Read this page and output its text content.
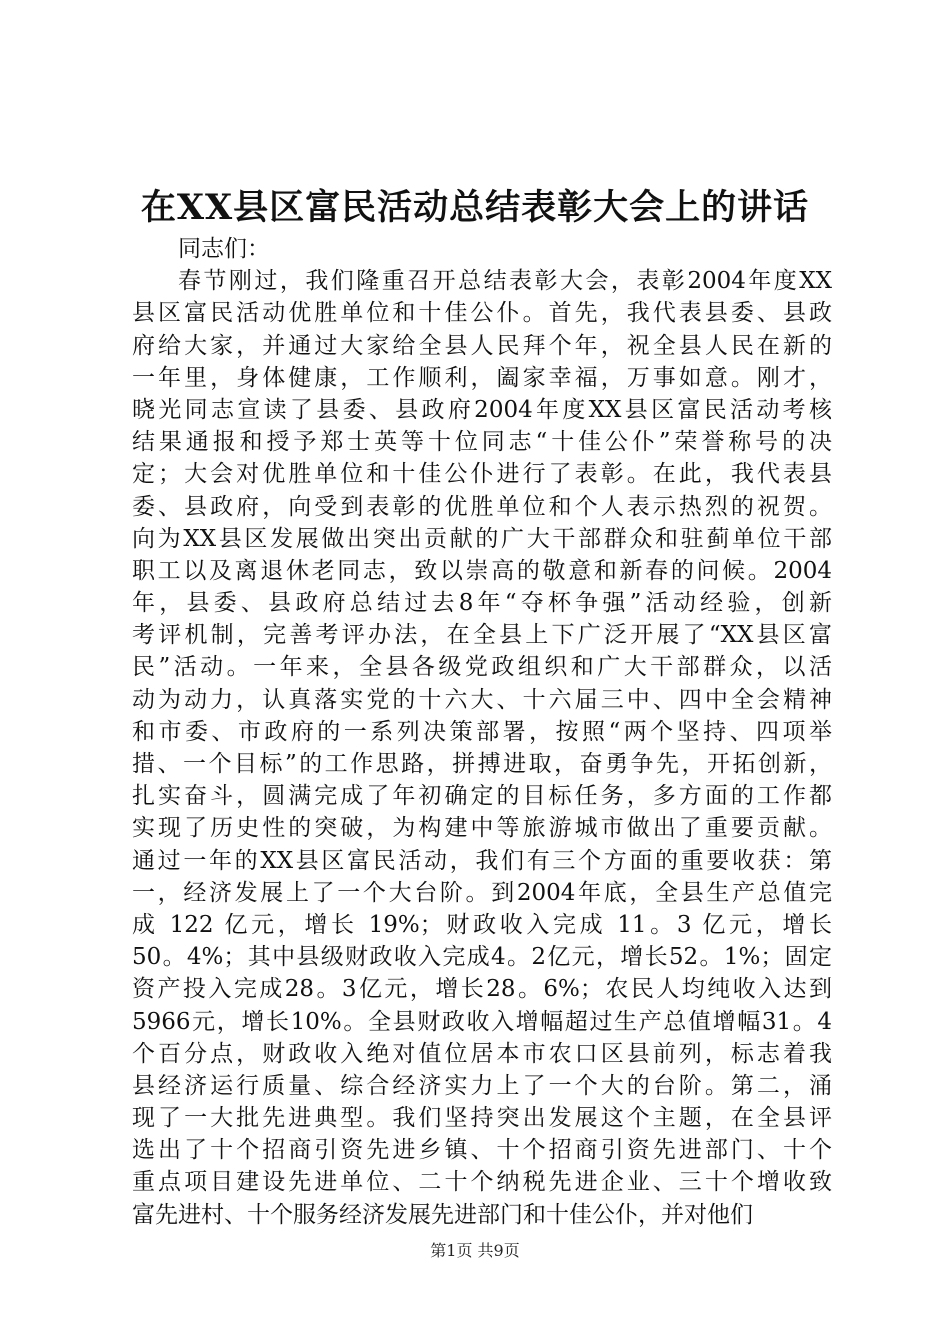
在XX县区富民活动总结表彰大会上的讲话
同志们：
春节刚过，我们隆重召开总结表彰大会，表彰2004年度XX
县区富民活动优胜单位和十佳公仆。首先，我代表县委、县政
府给大家，并通过大家给全县人民拜个年，祝全县人民在新的
一年里，身体健康，工作顺利，阖家幸福，万事如意。刚才，
晓光同志宣读了县委、县政府2004年度XX县区富民活动考核
结果通报和授予郑士英等十位同志“十佳公仆”荣誉称号的决
定；大会对优胜单位和十佳公仆进行了表彰。在此，我代表县
委、县政府，向受到表彰的优胜单位和个人表示热烈的祝贺。
向为XX县区发展做出突出贡献的广大干部群众和驻蓟单位干部
职工以及离退休老同志，致以崇高的敬意和新春的问候。2004
年，县委、县政府总结过去8年“夺杯争强”活动经验，创新
考评机制，完善考评办法，在全县上下广泛开展了“XX县区富
民”活动。一年来，全县各级党政组织和广大干部群众，以活
动为动力，认真落实党的十六大、十六届三中、四中全会精神
和市委、市政府的一系列决策部署，按照“两个坚持、四项举
措、一个目标”的工作思路，拼搏进取，奋勇争先，开拓创新，
扎实奋斗，圆满完成了年初确定的目标任务，多方面的工作都
实现了历史性的突破，为构建中等旅游城市做出了重要贡献。
通过一年的XX县区富民活动，我们有三个方面的重要收获：第
一，经济发展上了一个大台阶。到2004年底，全县生产总值完
成 122 亿元，增长 19%；财政收入完成 11。3 亿元，增长
50。4%；其中县级财政收入完成4。2亿元，增长52。1%；固定
资产投入完成28。3亿元，增长28。6%；农民人均纯收入达到
5966元，增长10%。全县财政收入增幅超过生产总值增幅31。4
个百分点，财政收入绝对值位居本市农口区县前列，标志着我
县经济运行质量、综合经济实力上了一个大的台阶。第二，涌
现了一大批先进典型。我们坚持突出发展这个主题，在全县评
选出了十个招商引资先进乡镇、十个招商引资先进部门、十个
重点项目建设先进单位、二十个纳税先进企业、三十个增收致
富先进村、十个服务经济发展先进部门和十佳公仆，并对他们
第1页 共9页
